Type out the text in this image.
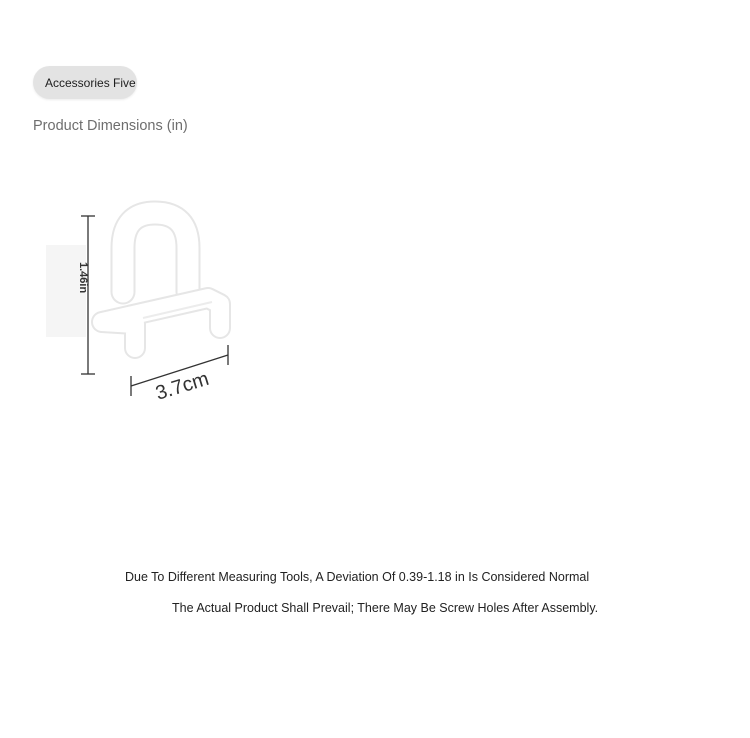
Accessories Five
Product Dimensions (in)
1.46in
3.7cm
Due To Different Measuring Tools, A Deviation Of 0.39-1.18 in Is Considered Normal
The Actual Product Shall Prevail; There May Be Screw Holes After Assembly.
